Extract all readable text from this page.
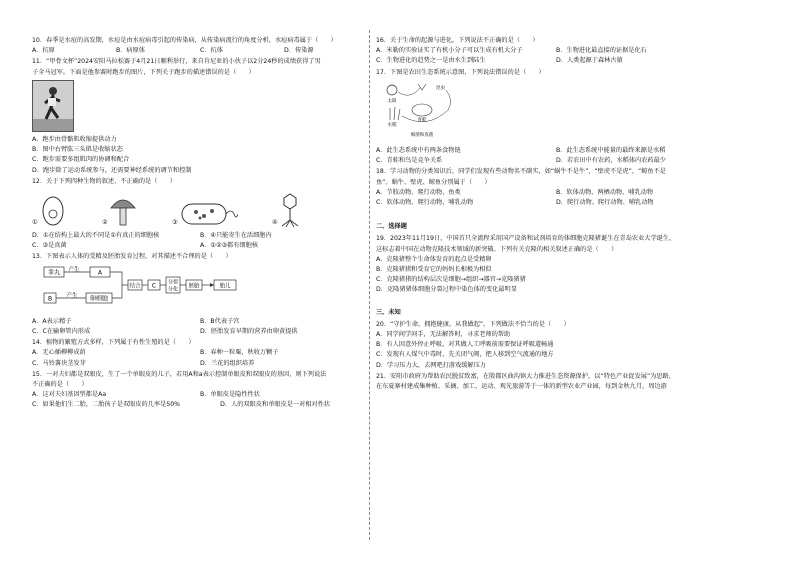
10．春季是水痘的高发期，水痘是由水痘病毒引起的传染病，从传染病流行的角度分析，水痘病毒属于（　　）
A．抗原	B．病原体	C．抗体	D．传染源
11．“甲骨文杯”2024安阳马拉松赛于4月21日顺利举行，来自肯尼亚的小伙子以2分24秒的成绩获得了男
子全马冠军。下面是他参赛时跑步的图片，下列关于跑步的描述错误的是（　　）
A．跑步由骨骼肌收缩提供动力
B．图中右臂肱三头肌是收缩状态
C．跑步需要多组肌肉的协调和配合
D．跑步除了运动系统参与，还需要神经系统的调节和控制
12．关于下列四种生物的叙述，不正确的是（　　）
①	②	③	④
D．①在结构上最大的不同是①有真正的细胞核	B．④只能寄生在活细胞内
C．③是真菌	A．①②③都有细胞核
13．下图表示人体的受精及胚胎发育过程，对其描述不合理的是（　　）
睾丸 产生	A
B	产生 卵细胞
结合 C 分裂
分化 胚胎	胎儿
A．A表示精子	B．B代表子宫
C．C在输卵管内形成	D．胚胎发育早期的营养由卵黄提供
14．植物的繁殖方式多样，下列属于有性生殖的是（　　）
A．无心插柳柳成荫	B．春种一粒粟，秋收万颗子
C．马铃薯块茎发芽	D．兰花的组织培养
15．一对夫妇都是双眼皮，生了一个单眼皮的儿子，若用A和a表示控制单眼皮和双眼皮的基因，则下列说法
不正确的是（　　）
A．这对夫妇基因型都是Aa	B．单眼皮是隐性性状
C．如果他们生二胎，二胎孩子是双眼皮的几率是50%	D．人的双眼皮和单眼皮是一对相对性状
16．关于生命的起源与进化，下列说法不正确的是（　　）
A．米勒的实验证实了有机小分子可以生成有机大分子	B．生物进化最直接的证据是化石
C．生物进化的趋势之一是由水生到陆生	D．人类起源于森林古猿
17．下图是农田生态系统示意图，下列说法错误的是（　　）
太阳
昆虫
青蛙
水稻
细菌和真菌
A．此生态系统中有两条食物链	B．此生态系统中能量的最终来源是水稻
C．青蛙和鸟是竞争关系	D．若农田中有农药，水稻体内农药最少
18．学习动物的分类知识后，同学们发现有些动物名不副实，如“蜗牛不是牛”，“壁虎不是虎”，“鲸鱼不是
鱼”。蜗牛、壁虎、鲸鱼分别属于（　　）
A．节肢动物、爬行动物、鱼类	B．软体动物、两栖动物、哺乳动物
C．软体动物、爬行动物、哺乳动物	D．爬行动物、爬行动物、哺乳动物
二、选择题
19．2023年11月19日，中国首只全流程采用国产设备和试剂培育的体细胞克隆猪诞生在青岛农业大学诞生，
这标志着中国在动物克隆技术领域的新突破。下列有关克隆的相关叙述正确的是（　　）
A．克隆猪整个生命体发育的起点是受精卵
B．克隆猪猪和受育它的妈妈长相极为相似
C．克隆猪猪的结构层次是细胞→组织→器官→克隆猪猪
D．克隆猪猪体细胞分裂过程中染色体的变化最明显
三、未知
20．“守护生命，拥抱健康，从我做起”，下列做法不恰当的是（　　）
A．同学间学问手，无法解答时，寻求老师的帮助
B．有人因意外停止呼吸，对其做人工呼吸前需要保证呼吸道畅通
C．发现有人煤气中毒时，先关闭气阀，把人移到空气流通的地方
D．学习压力大，去网吧打游戏缓解压力
21．安阳市政府为帮助农民脱贫致富，在殷都区曲沟镇大力推进生态资源保护，以“特色产业促发展”为思路，
在东夏寨村建成集种植、采摘、加工、运动、观光旅游等于一体的新型农业产业园，每到金秋九月，周边游
